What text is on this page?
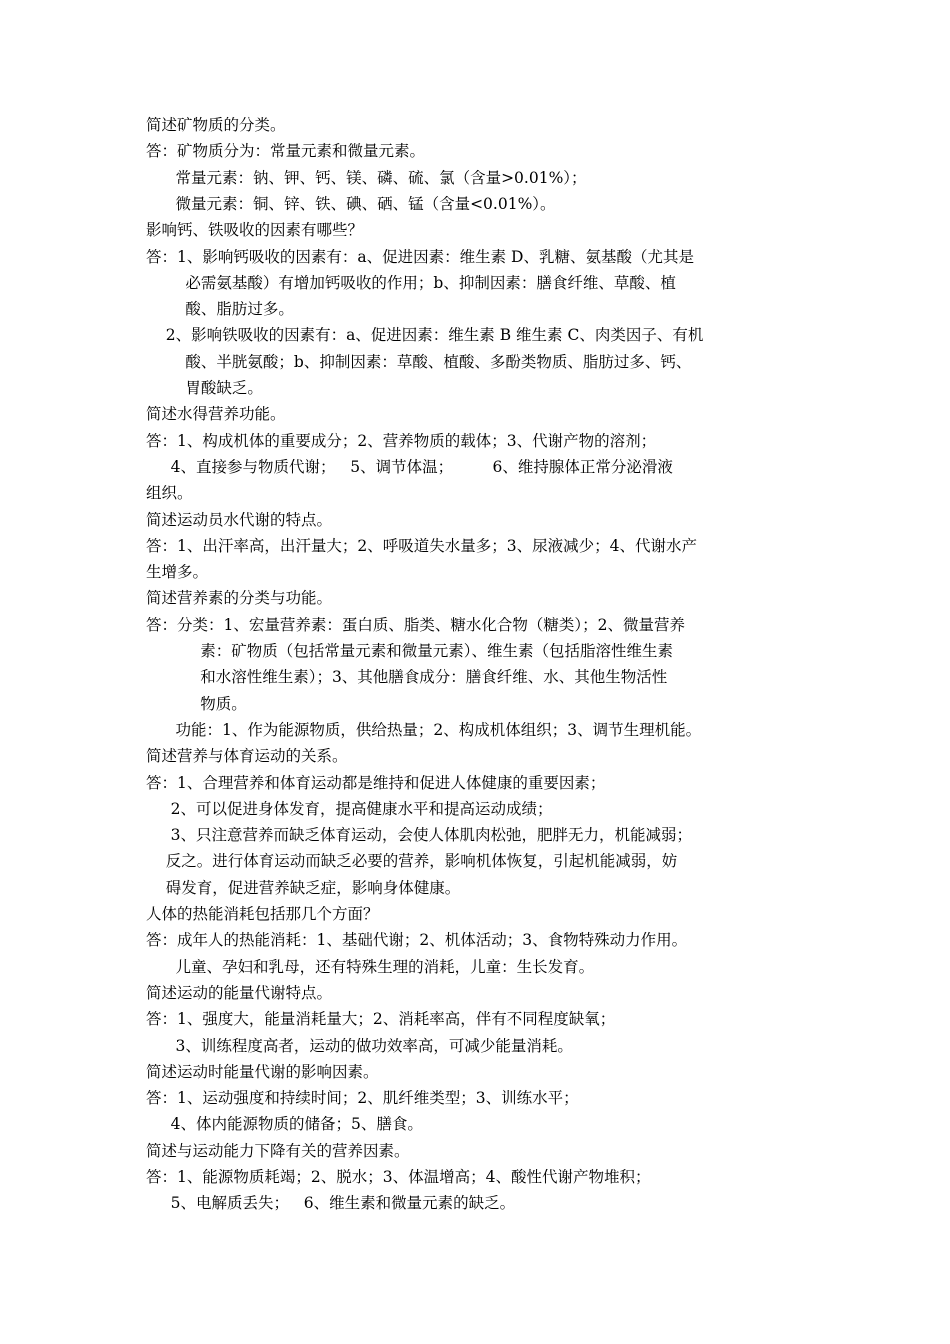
简述矿物质的分类。
答：矿物质分为：常量元素和微量元素。
常量元素：钠、钾、钙、镁、磷、硫、氯（含量>0.01%）；
微量元素：铜、锌、铁、碘、硒、锰（含量<0.01%）。
影响钙、铁吸收的因素有哪些？
答：1、影响钙吸收的因素有：a、促进因素：维生素 D、乳糖、氨基酸（尤其是
必需氨基酸）有增加钙吸收的作用；b、抑制因素：膳食纤维、草酸、植
酸、脂肪过多。
2、影响铁吸收的因素有：a、促进因素：维生素 B 维生素 C、肉类因子、有机
酸、半胱氨酸；b、抑制因素：草酸、植酸、多酚类物质、脂肪过多、钙、
胃酸缺乏。
简述水得营养功能。
答：1、构成机体的重要成分；2、营养物质的载体；3、代谢产物的溶剂；
4、直接参与物质代谢；   5、调节体温；        6、维持腺体正常分泌滑液
组织。
简述运动员水代谢的特点。
答：1、出汗率高，出汗量大；2、呼吸道失水量多；3、尿液减少；4、代谢水产
生增多。
简述营养素的分类与功能。
答：分类：1、宏量营养素：蛋白质、脂类、糖水化合物（糖类）；2、微量营养
素：矿物质（包括常量元素和微量元素）、维生素（包括脂溶性维生素
和水溶性维生素）；3、其他膳食成分：膳食纤维、水、其他生物活性
物质。
功能：1、作为能源物质，供给热量；2、构成机体组织；3、调节生理机能。
简述营养与体育运动的关系。
答：1、合理营养和体育运动都是维持和促进人体健康的重要因素；
2、可以促进身体发育，提高健康水平和提高运动成绩；
3、只注意营养而缺乏体育运动，会使人体肌肉松弛，肥胖无力，机能减弱；
反之。进行体育运动而缺乏必要的营养，影响机体恢复，引起机能减弱，妨
碍发育，促进营养缺乏症，影响身体健康。
人体的热能消耗包括那几个方面？
答：成年人的热能消耗：1、基础代谢；2、机体活动；3、食物特殊动力作用。
儿童、孕妇和乳母，还有特殊生理的消耗，儿童：生长发育。
简述运动的能量代谢特点。
答：1、强度大，能量消耗量大；2、消耗率高，伴有不同程度缺氧；
3、训练程度高者，运动的做功效率高，可减少能量消耗。
简述运动时能量代谢的影响因素。
答：1、运动强度和持续时间；2、肌纤维类型；3、训练水平；
4、体内能源物质的储备；5、膳食。
简述与运动能力下降有关的营养因素。
答：1、能源物质耗竭；2、脱水；3、体温增高；4、酸性代谢产物堆积；
5、电解质丢失；   6、维生素和微量元素的缺乏。
